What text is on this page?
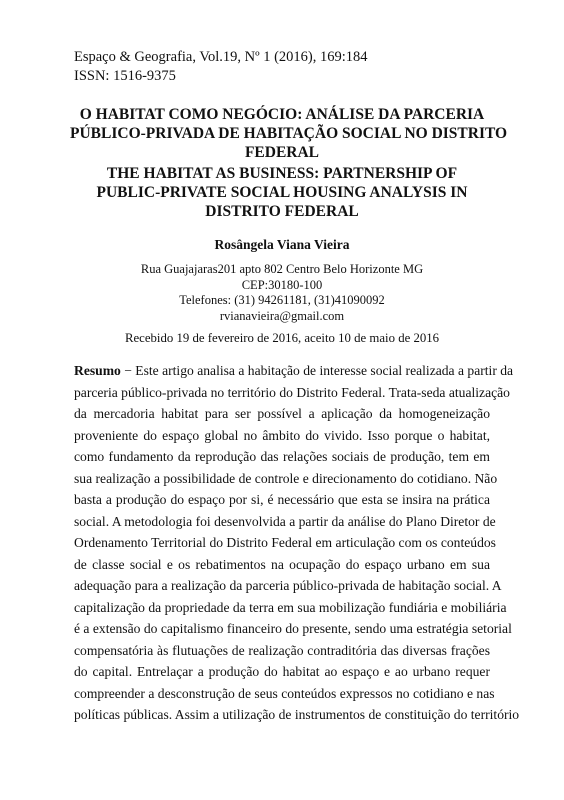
Espaço & Geografia, Vol.19, Nº 1 (2016), 169:184
ISSN: 1516-9375
O HABITAT COMO NEGÓCIO: ANÁLISE DA PARCERIA
PÚBLICO-PRIVADA DE HABITAÇÃO SOCIAL NO DISTRITO
FEDERAL
THE HABITAT AS BUSINESS: PARTNERSHIP OF
PUBLIC-PRIVATE SOCIAL HOUSING ANALYSIS IN
DISTRITO FEDERAL
Rosângela Viana Vieira
Rua Guajajaras201 apto 802 Centro Belo Horizonte MG
CEP:30180-100
Telefones: (31) 94261181, (31)41090092
rvianavieira@gmail.com
Recebido 19 de fevereiro de 2016, aceito 10 de maio de 2016
Resumo − Este artigo analisa a habitação de interesse social realizada a partir da
parceria público-privada no território do Distrito Federal. Trata-seda atualização
da mercadoria habitat para ser possível a aplicação da homogeneização
proveniente do espaço global no âmbito do vivido. Isso porque o habitat,
como fundamento da reprodução das relações sociais de produção, tem em
sua realização a possibilidade de controle e direcionamento do cotidiano. Não
basta a produção do espaço por si, é necessário que esta se insira na prática
social. A metodologia foi desenvolvida a partir da análise do Plano Diretor de
Ordenamento Territorial do Distrito Federal em articulação com os conteúdos
de classe social e os rebatimentos na ocupação do espaço urbano em sua
adequação para a realização da parceria público-privada de habitação social. A
capitalização da propriedade da terra em sua mobilização fundiária e mobiliária
é a extensão do capitalismo financeiro do presente, sendo uma estratégia setorial
compensatória às flutuações de realização contraditória das diversas frações
do capital. Entrelaçar a produção do habitat ao espaço e ao urbano requer
compreender a desconstrução de seus conteúdos expressos no cotidiano e nas
políticas públicas. Assim a utilização de instrumentos de constituição do território
